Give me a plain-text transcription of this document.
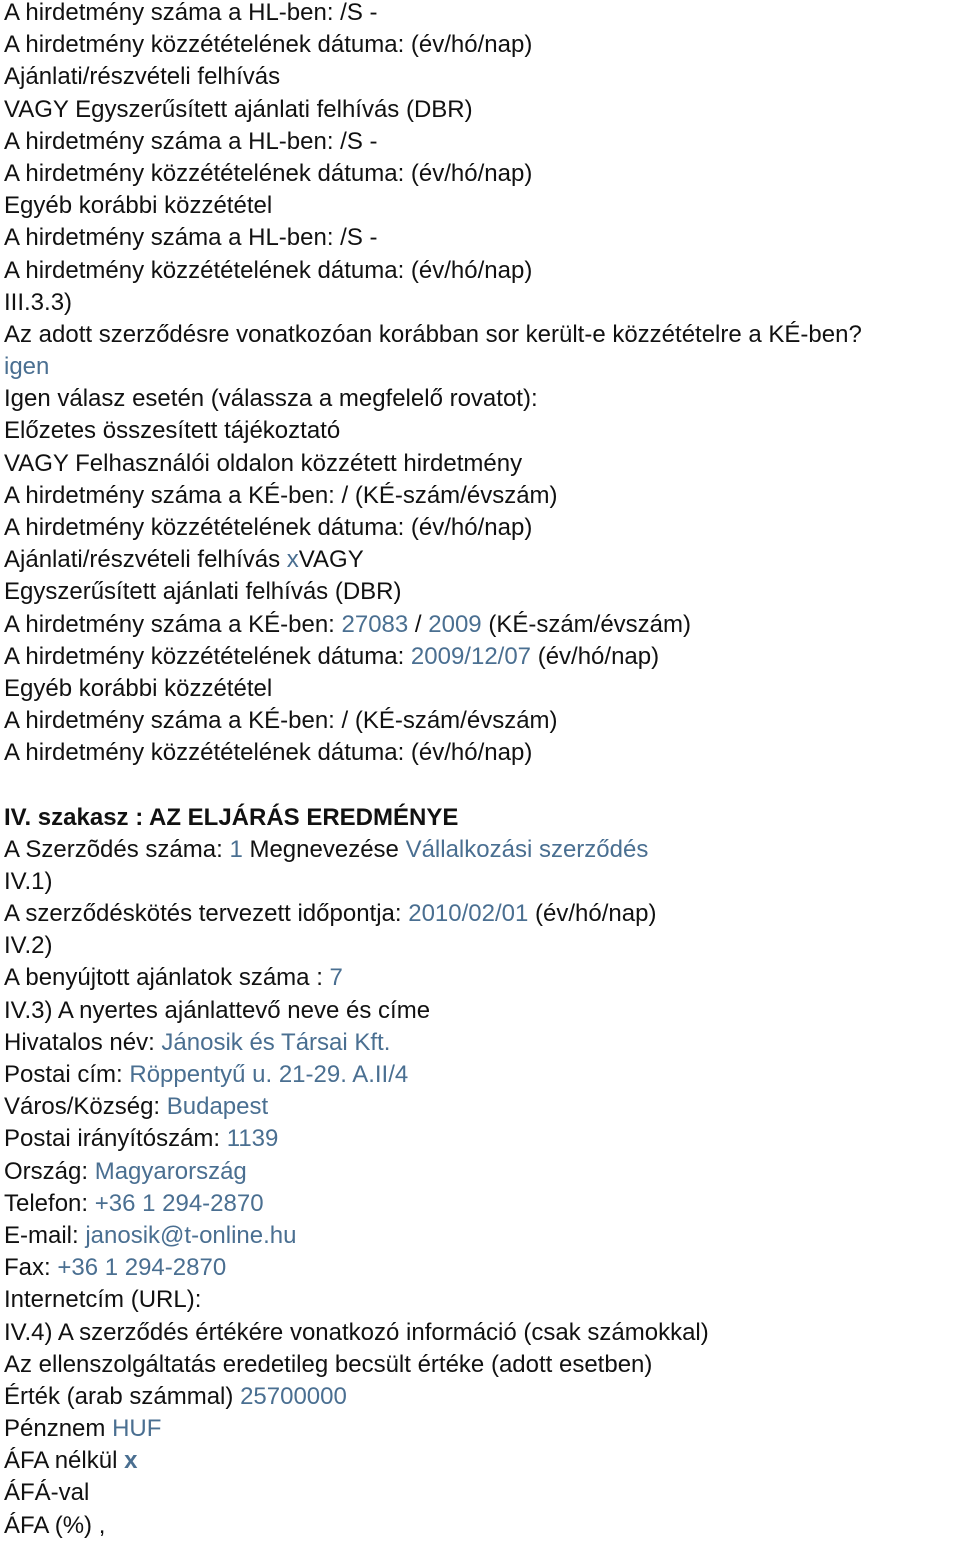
A hirdetmény száma a HL-ben: /S -
A hirdetmény közzétételének dátuma: (év/hó/nap)
Ajánlati/részvételi felhívás
VAGY Egyszerűsített ajánlati felhívás (DBR)
A hirdetmény száma a HL-ben: /S -
A hirdetmény közzétételének dátuma: (év/hó/nap)
Egyéb korábbi közzététel
A hirdetmény száma a HL-ben: /S -
A hirdetmény közzétételének dátuma: (év/hó/nap)
III.3.3)
Az adott szerződésre vonatkozóan korábban sor került-e közzétételre a KÉ-ben?
igen
Igen válasz esetén (válassza a megfelelő rovatot):
Előzetes összesített tájékoztató
VAGY Felhasználói oldalon közzétett hirdetmény
A hirdetmény száma a KÉ-ben: / (KÉ-szám/évszám)
A hirdetmény közzétételének dátuma: (év/hó/nap)
Ajánlati/részvételi felhívás xVAGY
Egyszerűsített ajánlati felhívás (DBR)
A hirdetmény száma a KÉ-ben: 27083 / 2009 (KÉ-szám/évszám)
A hirdetmény közzétételének dátuma: 2009/12/07 (év/hó/nap)
Egyéb korábbi közzététel
A hirdetmény száma a KÉ-ben: / (KÉ-szám/évszám)
A hirdetmény közzétételének dátuma: (év/hó/nap)
IV. szakasz : AZ ELJÁRÁS EREDMÉNYE
A Szerzõdés száma: 1 Megnevezése Vállalkozási szerződés
IV.1)
A szerződéskötés tervezett időpontja: 2010/02/01 (év/hó/nap)
IV.2)
A benyújtott ajánlatok száma : 7
IV.3) A nyertes ajánlattevő neve és címe
Hivatalos név: Jánosik és Társai Kft.
Postai cím: Röppentyű u. 21-29. A.II/4
Város/Község: Budapest
Postai irányítószám: 1139
Ország: Magyarország
Telefon: +36 1 294-2870
E-mail: janosik@t-online.hu
Fax: +36 1 294-2870
Internetcím (URL):
IV.4) A szerződés értékére vonatkozó információ (csak számokkal)
Az ellenszolgáltatás eredetileg becsült értéke (adott esetben)
Érték (arab számmal) 25700000
Pénznem HUF
ÁFA nélkül x
ÁFÁ-val
ÁFA (%) ,
